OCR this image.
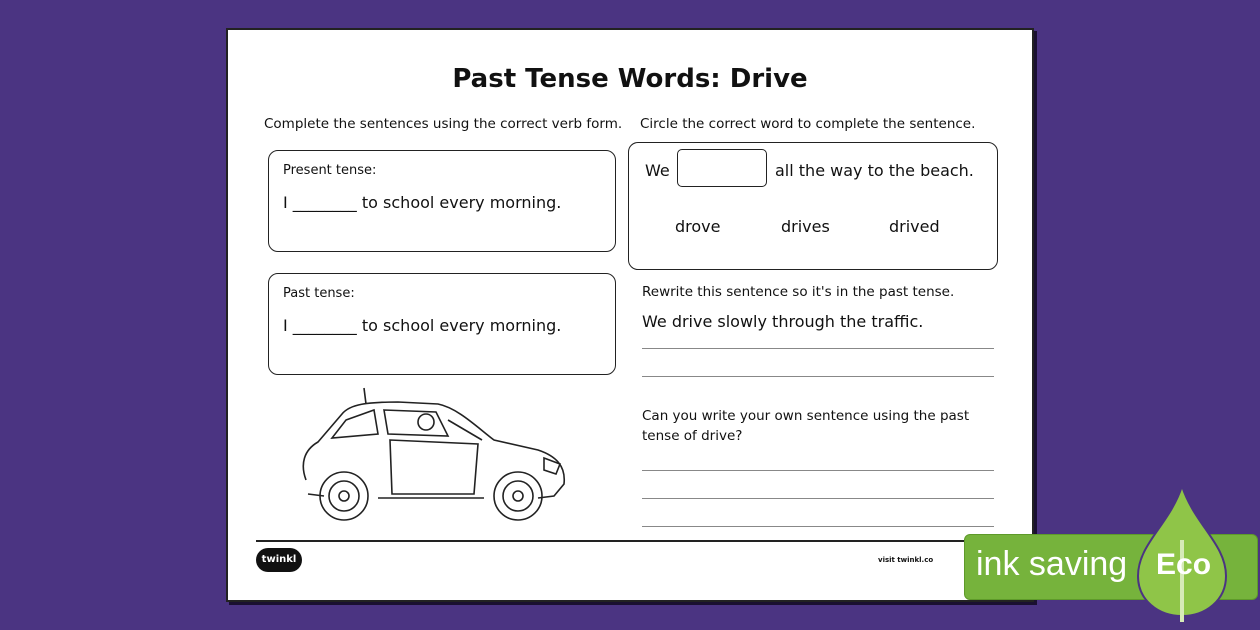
Past Tense Words: Drive
Complete the sentences using the correct verb form. Circle the correct word to complete the sentence.
Present tense:
I ________ to school every morning.
Past tense:
I ________ to school every morning.
We	all the way to the beach.
drove	drives	drived
Rewrite this sentence so it's in the past tense.
We drive slowly through the traffic.
Can you write your own sentence using the past
tense of drive?
twinkl	visit twinkl.co ink saving Eco
